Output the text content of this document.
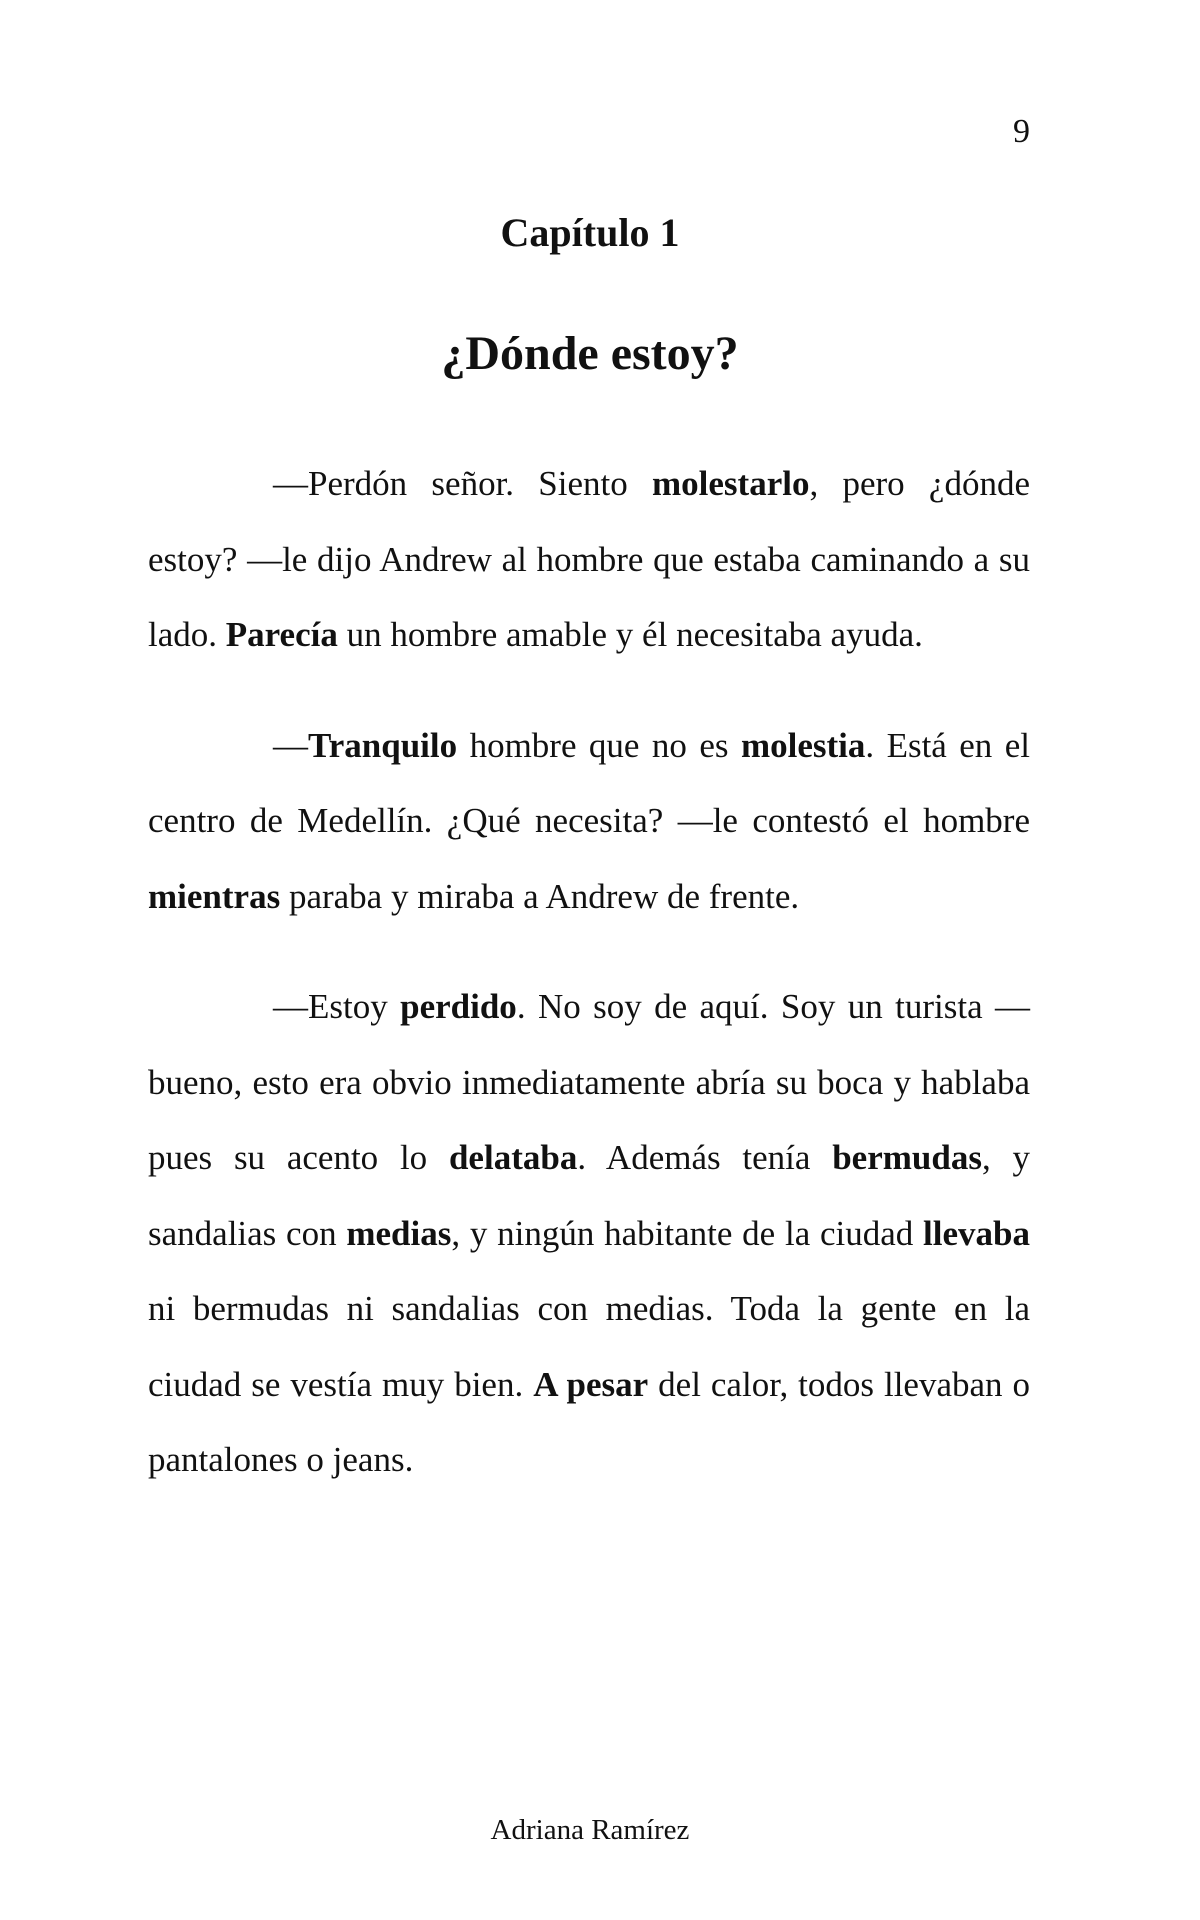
9
Capítulo 1
¿Dónde estoy?

—Perdón señor. Siento molestarlo, pero ¿dónde estoy? —le dijo Andrew al hombre que estaba caminando a su lado. Parecía un hombre amable y él necesitaba ayuda.

—Tranquilo hombre que no es molestia. Está en el centro de Medellín. ¿Qué necesita? —le contestó el hombre mientras paraba y miraba a Andrew de frente.

—Estoy perdido. No soy de aquí. Soy un turista —bueno, esto era obvio inmediatamente abría su boca y hablaba pues su acento lo delataba. Además tenía bermudas, y sandalias con medias, y ningún habitante de la ciudad llevaba ni bermudas ni sandalias con medias. Toda la gente en la ciudad se vestía muy bien. A pesar del calor, todos llevaban o pantalones o jeans.

Adriana Ramírez
